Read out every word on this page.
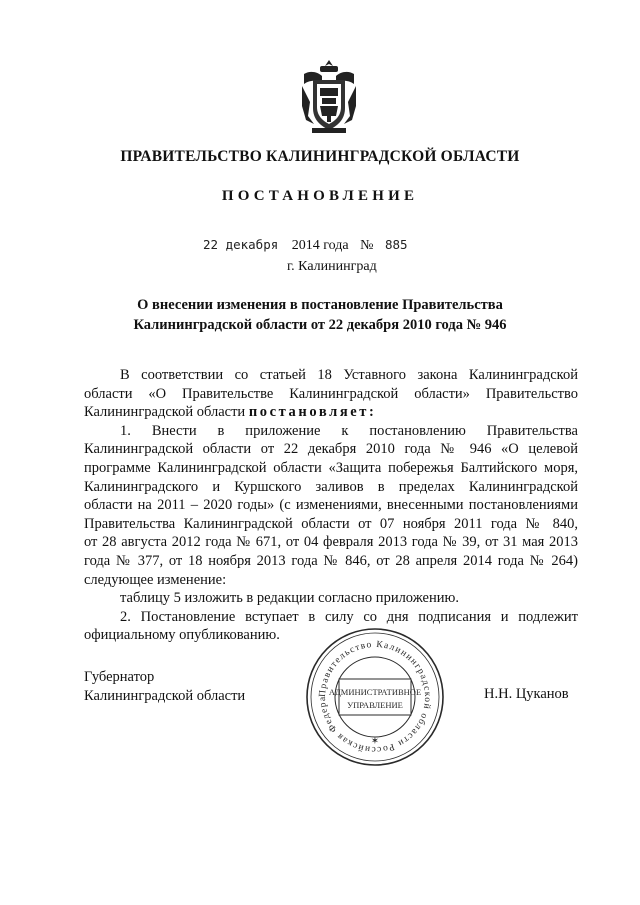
ПРАВИТЕЛЬСТВО КАЛИНИНГРАДСКОЙ ОБЛАСТИ
ПОСТАНОВЛЕНИЕ
22 декабря 2014 года № 885
г. Калининград
О внесении изменения в постановление Правительства
Калининградской области от 22 декабря 2010 года № 946

В соответствии со статьей 18 Уставного закона Калининградской

области «О Правительстве Калининградской области» Правительство

Калининградской области постановляет:

1. Внести в приложение к постановлению Правительства

Калининградской области от 22 декабря 2010 года № 946 «О целевой

программе Калининградской области «Защита побережья Балтийского моря,

Калининградского и Куршского заливов в пределах Калининградской

области на 2011 – 2020 годы» (с изменениями, внесенными постановлениями

Правительства Калининградской области от 07 ноября 2011 года № 840,

от 28 августа 2012 года № 671, от 04 февраля 2013 года № 39, от 31 мая 2013

года № 377, от 18 ноября 2013 года № 846, от 28 апреля 2014 года № 264)

следующее изменение:

таблицу 5 изложить в редакции согласно приложению.

2. Постановление вступает в силу со дня подписания и подлежит

официальному опубликованию.

Губернатор
Калининградской области	Н.Н. Цуканов
Правительство Калининградской области Российская Федера
АДМИНИСТРАТИВНОЕ
УПРАВЛЕНИЕ
✶
